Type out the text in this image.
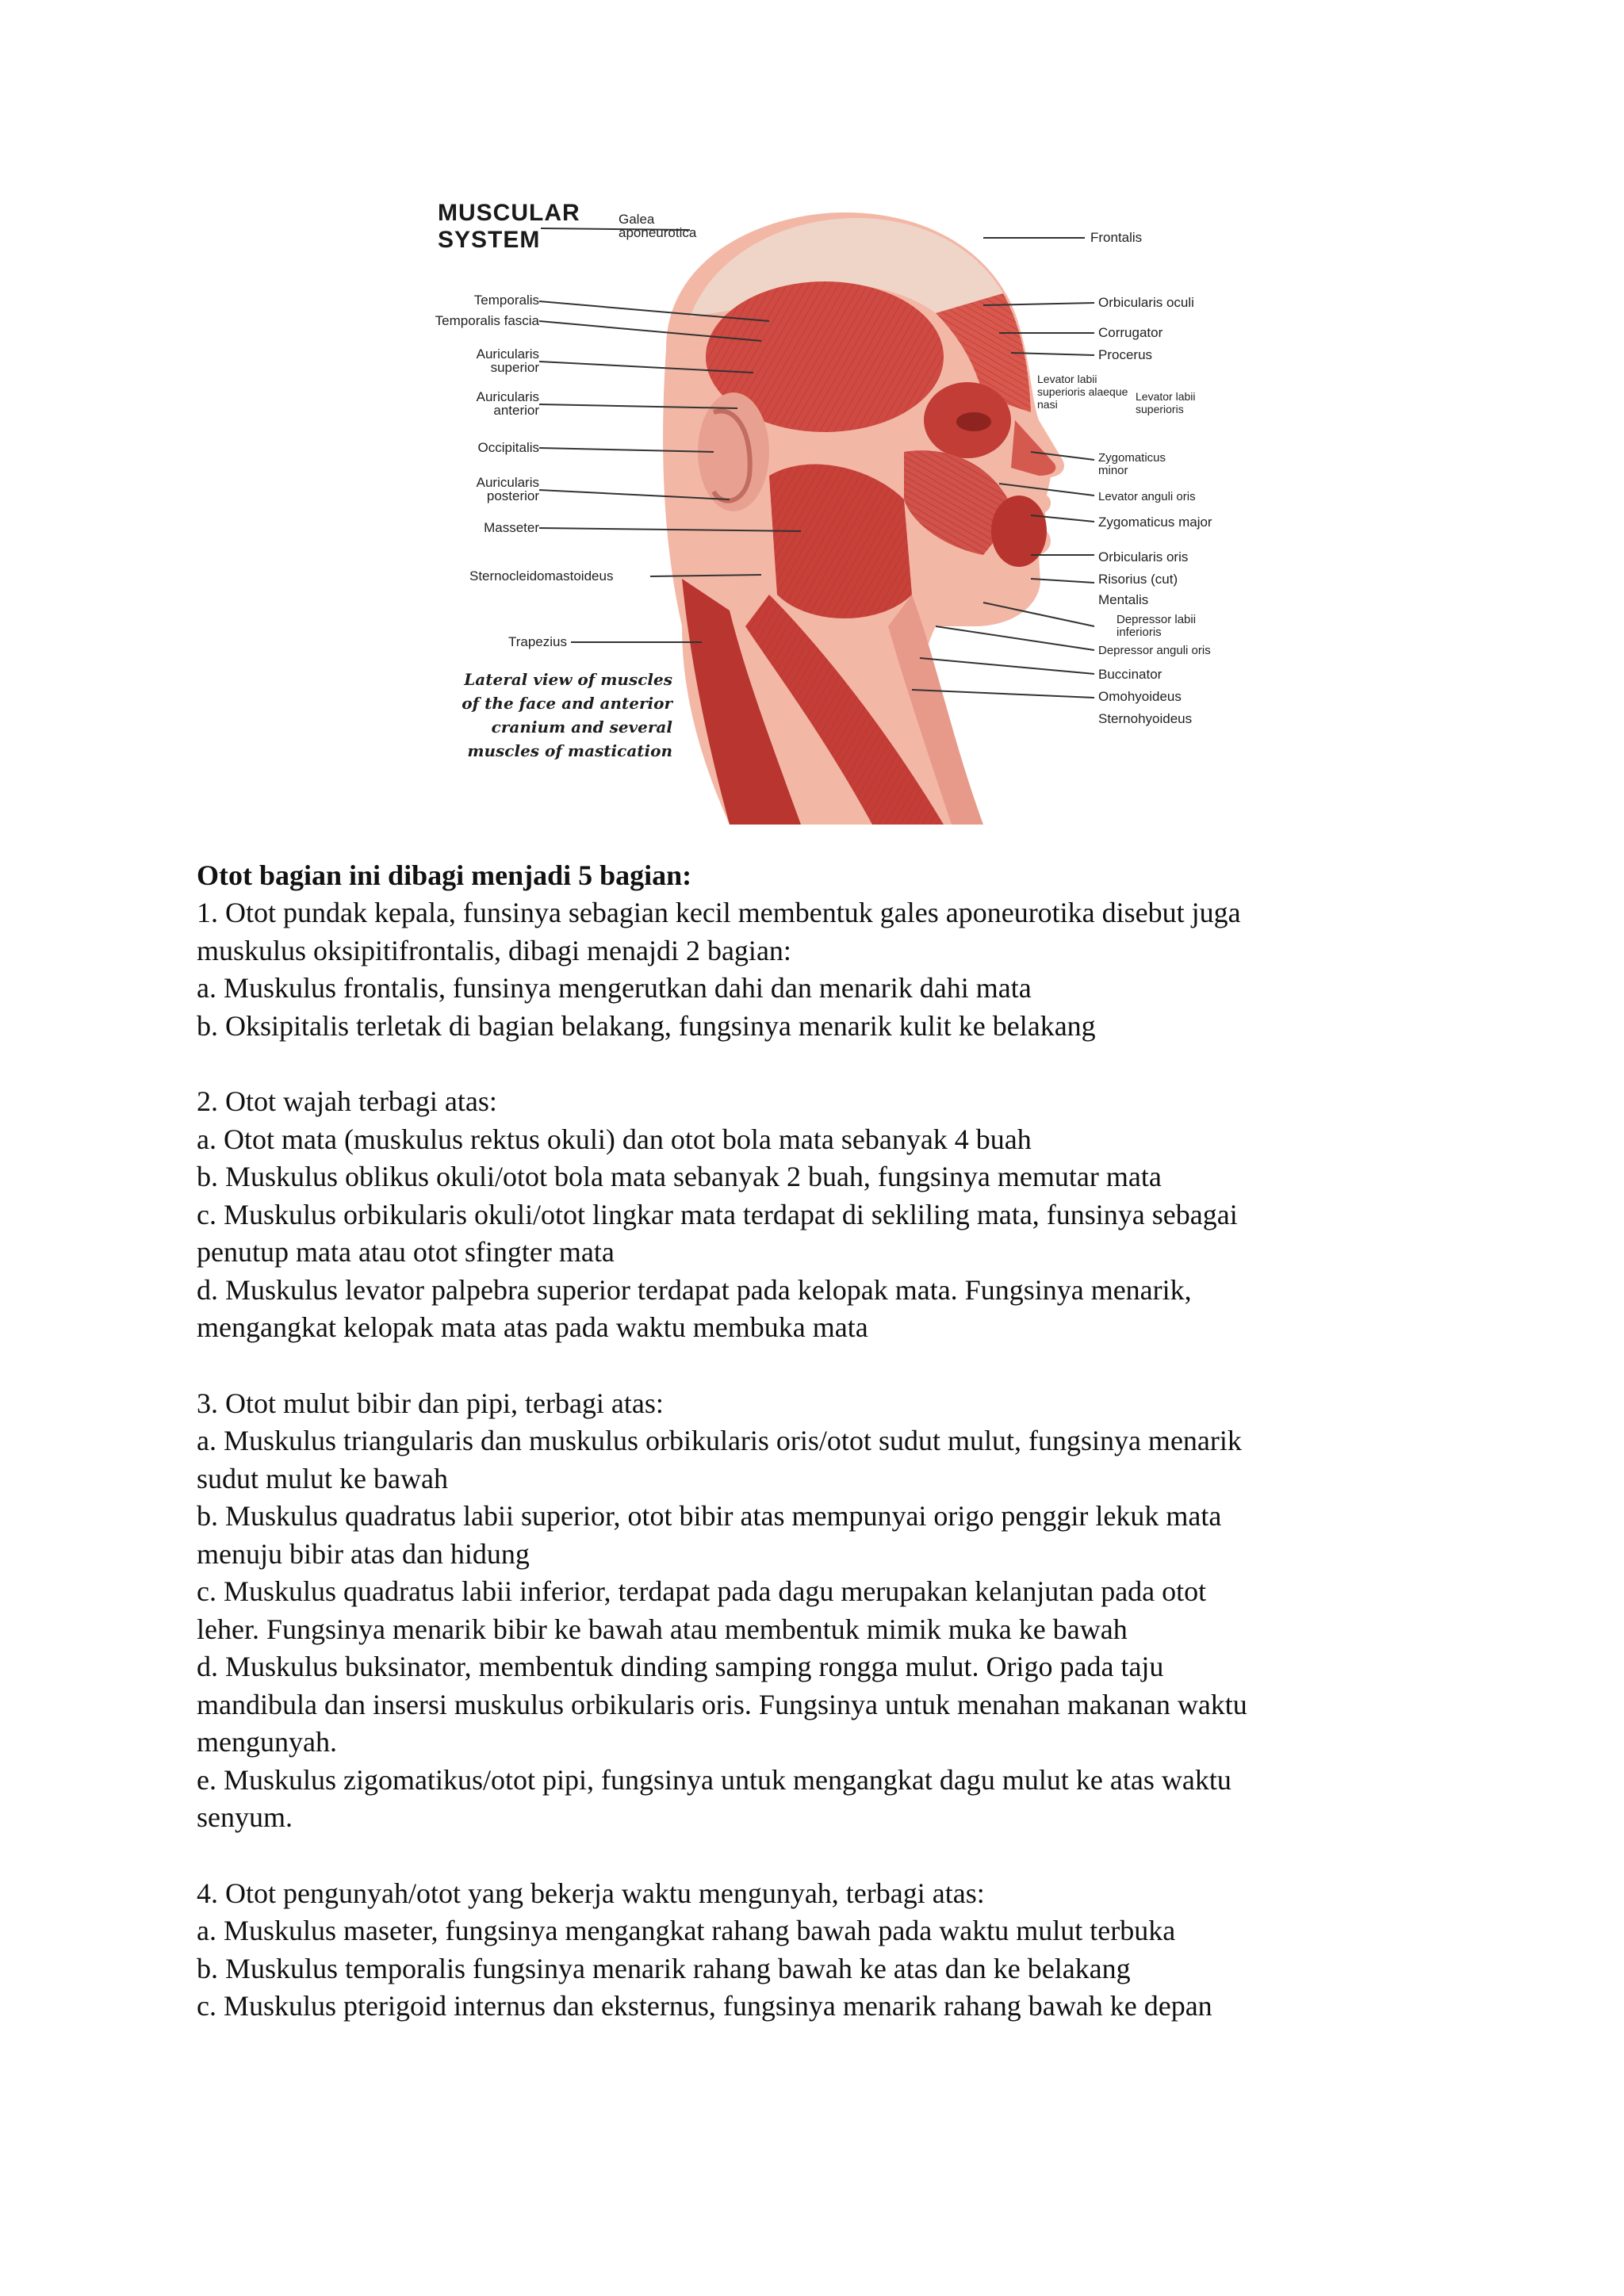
MUSCULAR
SYSTEM
Galea
aponeurotica
Temporalis
Temporalis fascia
Auricularis
superior
Auricularis
anterior
Occipitalis
Auricularis
posterior
Masseter
Sternocleidomastoideus
Trapezius
Frontalis
Orbicularis oculi
Corrugator
Procerus
Levator labii
superioris alaeque
nasi
Levator labii
superioris
Zygomaticus
minor
Levator anguli oris
Zygomaticus major
Orbicularis oris
Risorius (cut)
Mentalis
Depressor labii
inferioris
Depressor anguli oris
Buccinator
Omohyoideus
Sternohyoideus
Lateral view of muscles
of the face and anterior
cranium and several
muscles of mastication

Otot bagian ini dibagi menjadi 5 bagian:

1. Otot pundak kepala, funsinya sebagian kecil membentuk gales aponeurotika disebut juga

muskulus oksipitifrontalis, dibagi menajdi 2 bagian:

a. Muskulus frontalis, funsinya mengerutkan dahi dan menarik dahi mata

b. Oksipitalis terletak di bagian belakang, fungsinya menarik kulit ke belakang

2. Otot wajah terbagi atas:

a. Otot mata (muskulus rektus okuli) dan otot bola mata sebanyak 4 buah

b. Muskulus oblikus okuli/otot bola mata sebanyak 2 buah, fungsinya memutar mata

c. Muskulus orbikularis okuli/otot lingkar mata terdapat di sekliling mata, funsinya sebagai

penutup mata atau otot sfingter mata

d. Muskulus levator palpebra superior terdapat pada kelopak mata. Fungsinya menarik,

mengangkat kelopak mata atas pada waktu membuka mata

3. Otot mulut bibir dan pipi, terbagi atas:

a. Muskulus triangularis dan muskulus orbikularis oris/otot sudut mulut, fungsinya menarik

sudut mulut ke bawah

b. Muskulus quadratus labii superior, otot bibir atas mempunyai origo penggir lekuk mata

menuju bibir atas dan hidung

c. Muskulus quadratus labii inferior, terdapat pada dagu merupakan kelanjutan pada otot

leher. Fungsinya menarik bibir ke bawah atau membentuk mimik muka ke bawah

d. Muskulus buksinator, membentuk dinding samping rongga mulut. Origo pada taju

mandibula dan insersi muskulus orbikularis oris. Fungsinya untuk menahan makanan waktu

mengunyah.

e. Muskulus zigomatikus/otot pipi, fungsinya untuk mengangkat dagu mulut ke atas waktu

senyum.

4. Otot pengunyah/otot yang bekerja waktu mengunyah, terbagi atas:

a. Muskulus maseter, fungsinya mengangkat rahang bawah pada waktu mulut terbuka

b. Muskulus temporalis fungsinya menarik rahang bawah ke atas dan ke belakang

c. Muskulus pterigoid internus dan eksternus, fungsinya menarik rahang bawah ke depan
